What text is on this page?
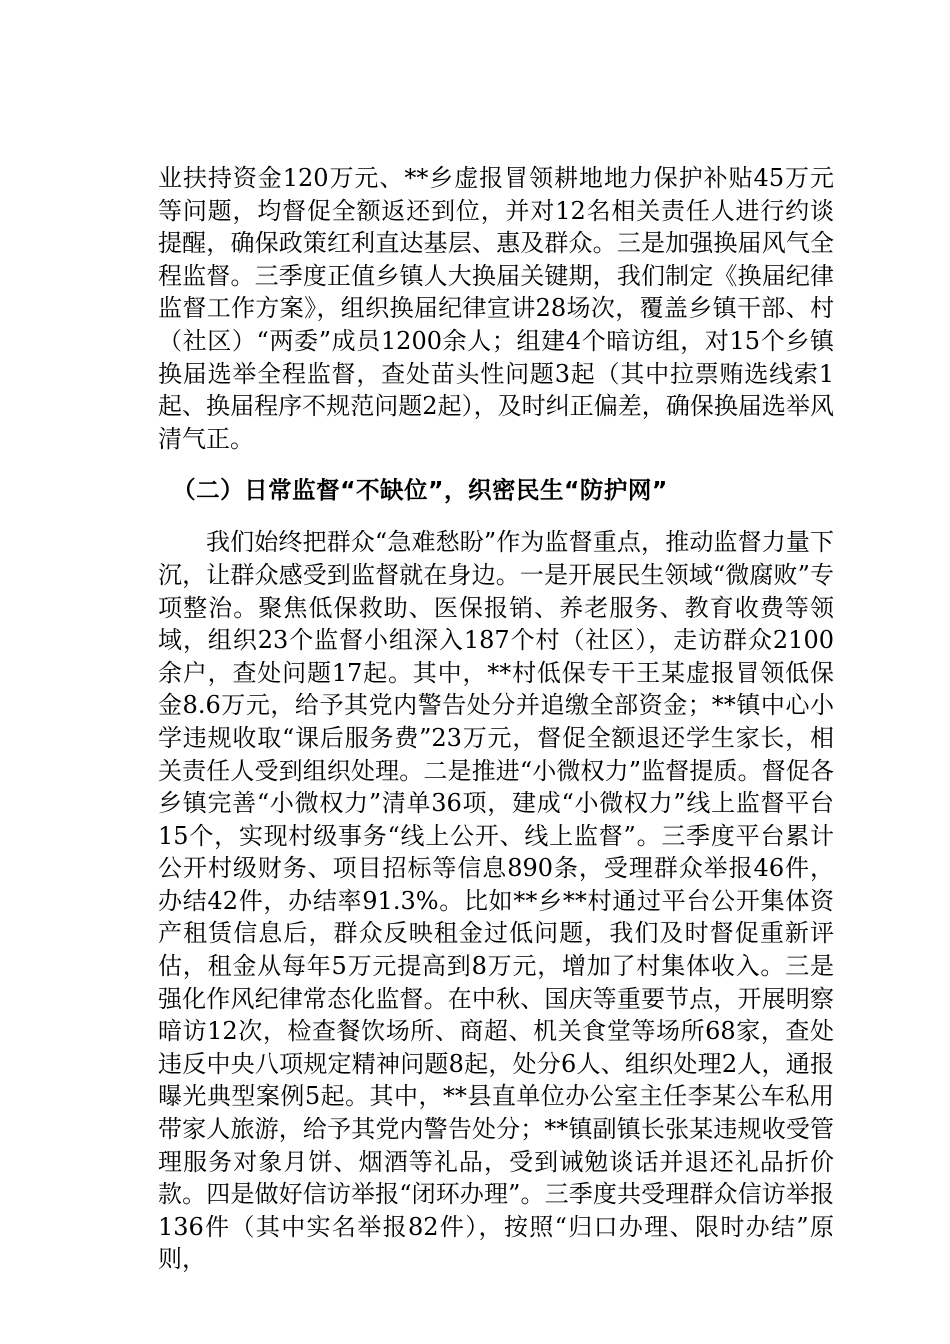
业扶持资金120万元、**乡虚报冒领耕地地力保护补贴45万元等问题，均督促全额返还到位，并对12名相关责任人进行约谈提醒，确保政策红利直达基层、惠及群众。三是加强换届风气全程监督。三季度正值乡镇人大换届关键期，我们制定《换届纪律监督工作方案》，组织换届纪律宣讲28场次，覆盖乡镇干部、村（社区）“两委”成员1200余人；组建4个暗访组，对15个乡镇换届选举全程监督，查处苗头性问题3起（其中拉票贿选线索1起、换届程序不规范问题2起），及时纠正偏差，确保换届选举风清气正。

（二）日常监督“不缺位”，织密民生“防护网”

我们始终把群众“急难愁盼”作为监督重点，推动监督力量下沉，让群众感受到监督就在身边。一是开展民生领域“微腐败”专项整治。聚焦低保救助、医保报销、养老服务、教育收费等领域，组织23个监督小组深入187个村（社区），走访群众2100余户，查处问题17起。其中，**村低保专干王某虚报冒领低保金8.6万元，给予其党内警告处分并追缴全部资金；**镇中心小学违规收取“课后服务费”23万元，督促全额退还学生家长，相关责任人受到组织处理。二是推进“小微权力”监督提质。督促各乡镇完善“小微权力”清单36项，建成“小微权力”线上监督平台15个，实现村级事务“线上公开、线上监督”。三季度平台累计公开村级财务、项目招标等信息890条，受理群众举报46件，办结42件，办结率91.3%。比如**乡**村通过平台公开集体资产租赁信息后，群众反映租金过低问题，我们及时督促重新评估，租金从每年5万元提高到8万元，增加了村集体收入。三是强化作风纪律常态化监督。在中秋、国庆等重要节点，开展明察暗访12次，检查餐饮场所、商超、机关食堂等场所68家，查处违反中央八项规定精神问题8起，处分6人、组织处理2人，通报曝光典型案例5起。其中，**县直单位办公室主任李某公车私用带家人旅游，给予其党内警告处分；**镇副镇长张某违规收受管理服务对象月饼、烟酒等礼品，受到诫勉谈话并退还礼品折价款。四是做好信访举报“闭环办理”。三季度共受理群众信访举报136件（其中实名举报82件），按照“归口办理、限时办结”原则，
